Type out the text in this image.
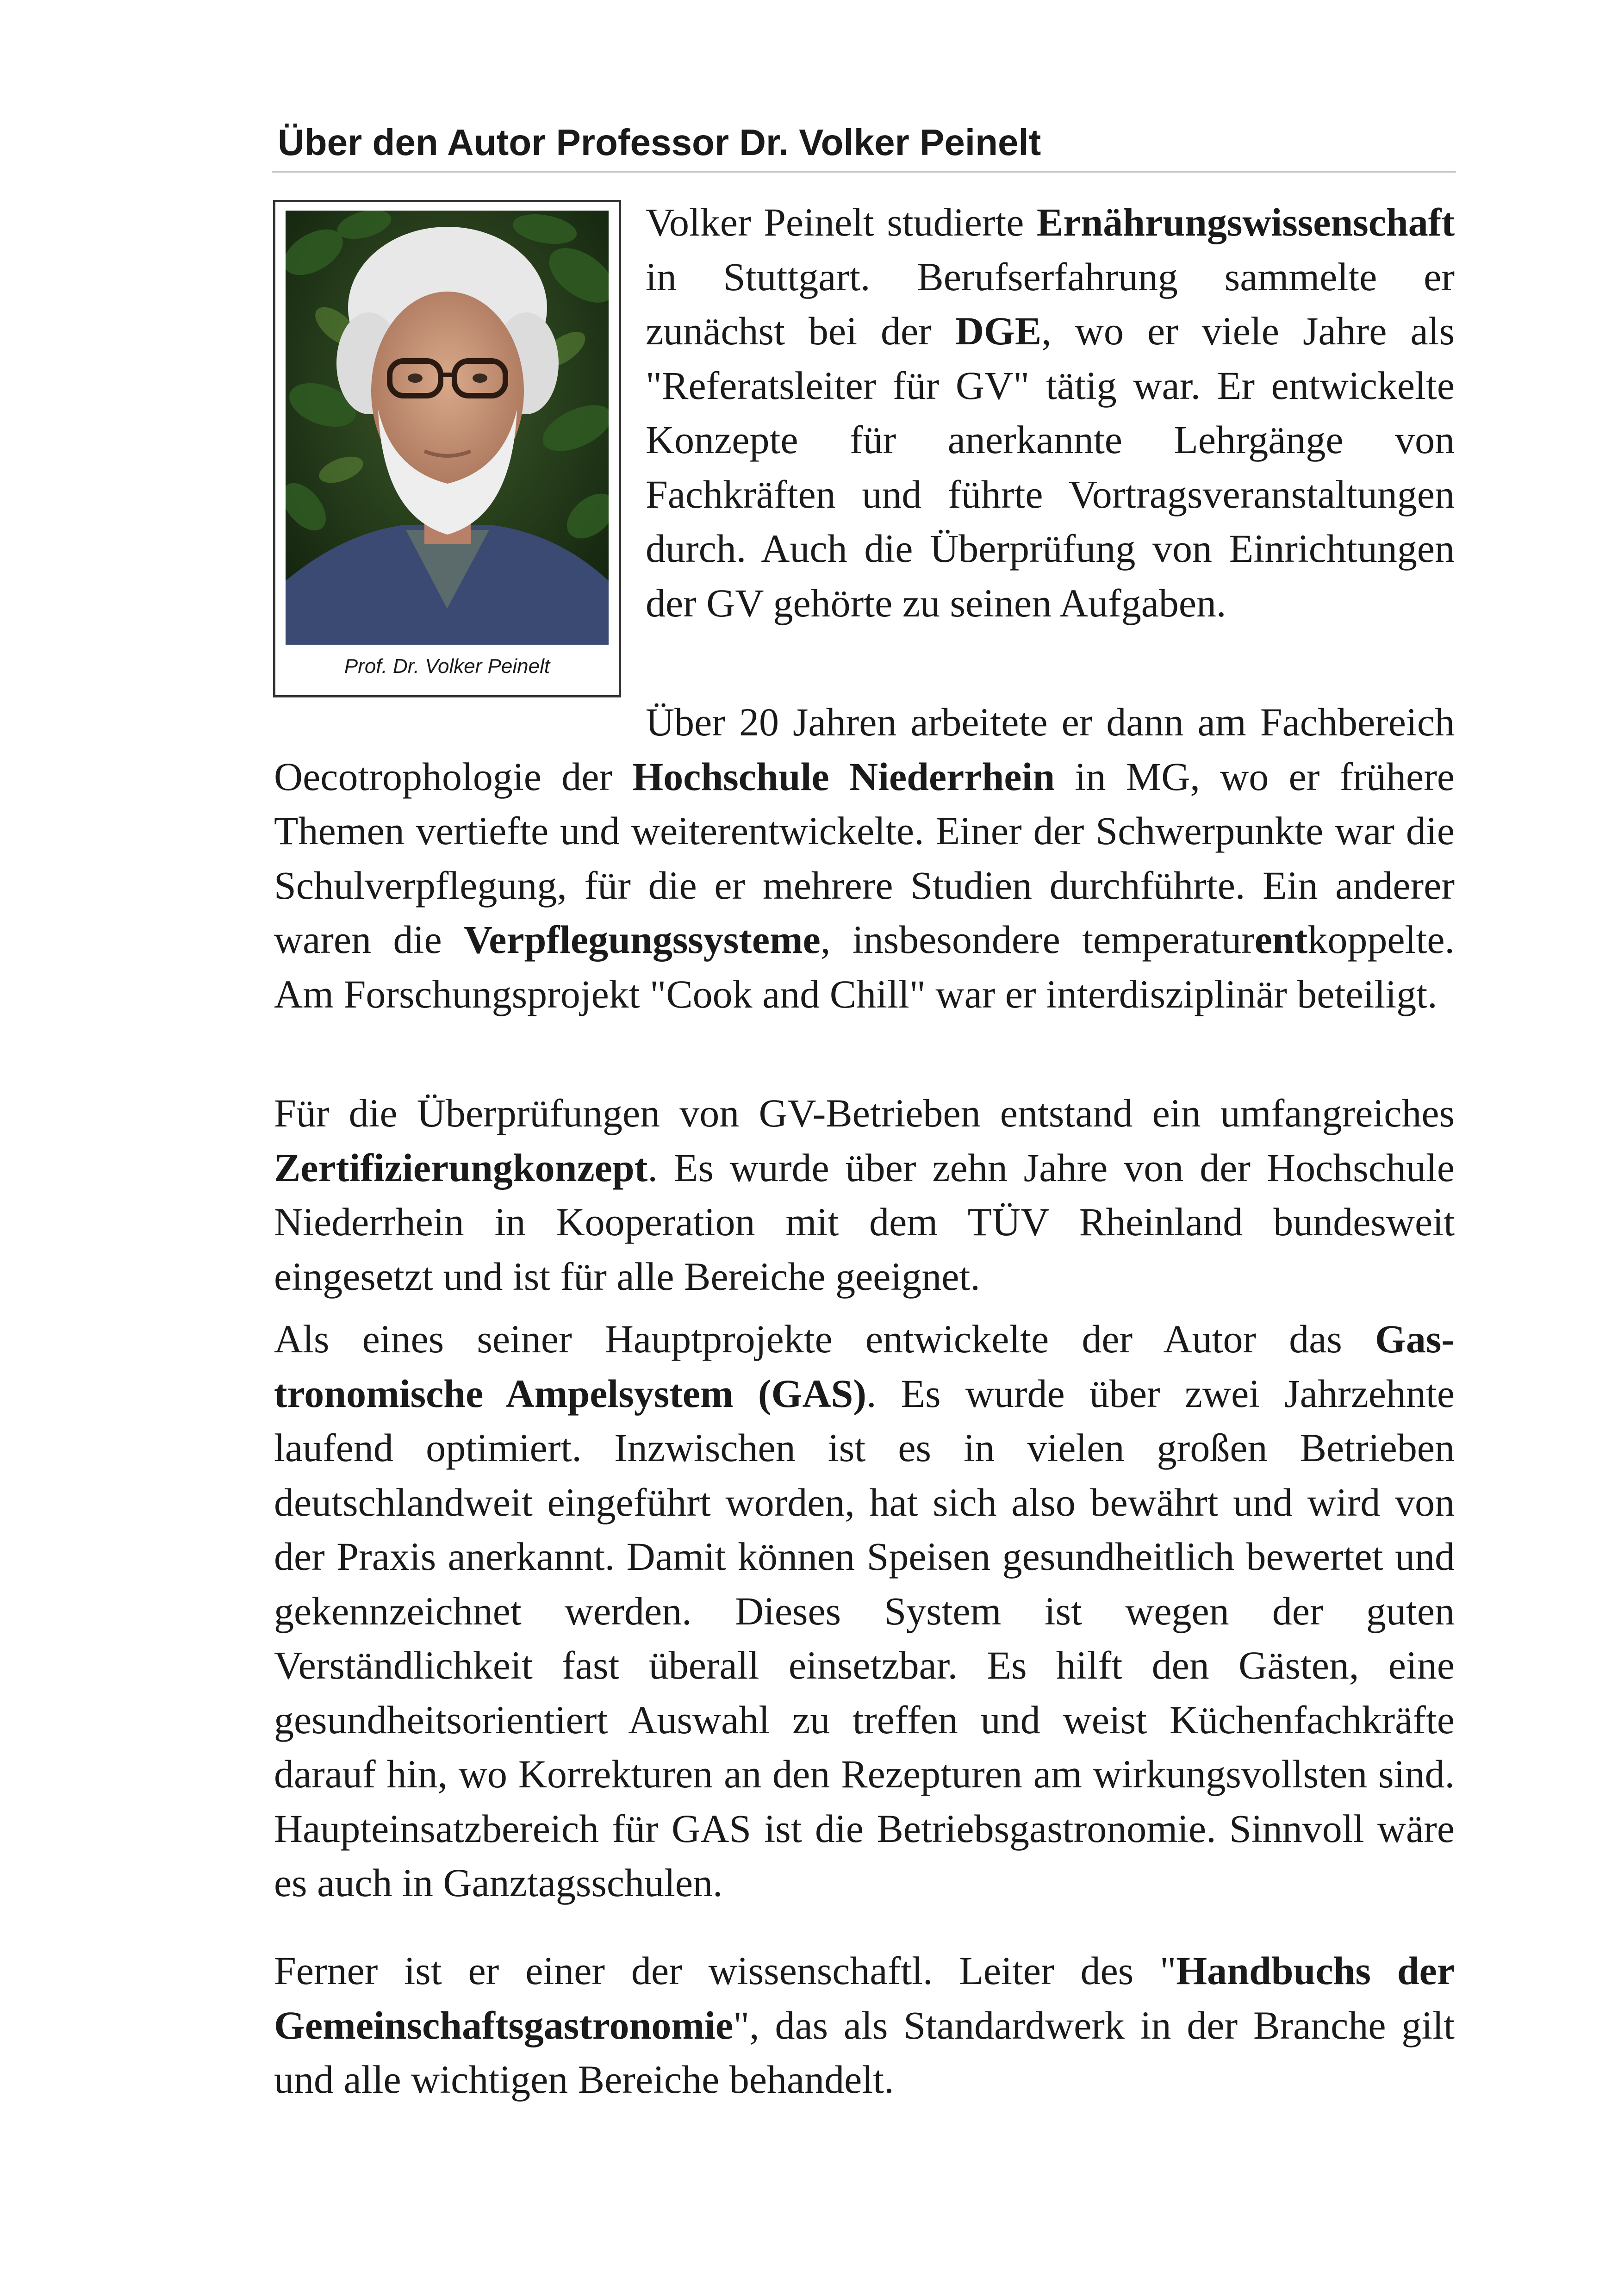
Über den Autor Professor Dr. Volker Peinelt

Prof. Dr. Volker Peinelt

Volker Peinelt studierte Ernährungswissenschaft in Stuttgart. Berufserfahrung sammelte er zunächst bei der DGE, wo er viele Jahre als "Referatsleiter für GV" tätig war. Er entwickelte Konzepte für anerkannte Lehrgänge von Fachkräften und führte Vortragsveranstaltungen durch. Auch die Überprüfung von Einrichtungen der GV gehörte zu seinen Aufgaben.

Über 20 Jahren arbeitete er dann am Fachbereich Oecotrophologie der Hochschule Niederrhein in MG, wo er frühere Themen vertiefte und weiterentwickelte. Einer der Schwerpunkte war die Schulverpflegung, für die er mehrere Studien durchführte. Ein anderer waren die Verpflegungssysteme, insbesondere temperaturentkoppelte. Am Forschungsprojekt "Cook and Chill" war er interdisziplinär beteiligt.

Für die Überprüfungen von GV-Betrieben entstand ein umfangreiches Zertifizierungkonzept. Es wurde über zehn Jahre von der Hochschule Niederrhein in Kooperation mit dem TÜV Rheinland bundesweit eingesetzt und ist für alle Bereiche geeignet.

Als eines seiner Hauptprojekte entwickelte der Autor das Gastronomische Ampelsystem (GAS). Es wurde über zwei Jahrzehnte laufend optimiert. Inzwischen ist es in vielen großen Betrieben deutschlandweit eingeführt worden, hat sich also bewährt und wird von der Praxis anerkannt. Damit können Speisen gesundheitlich bewertet und gekennzeichnet werden. Dieses System ist wegen der guten Verständlichkeit fast überall einsetzbar. Es hilft den Gästen, eine gesundheitsorientiert Auswahl zu treffen und weist Küchenfachkräfte darauf hin, wo Korrekturen an den Rezepturen am wirkungsvollsten sind. Haupteinsatzbereich für GAS ist die Betriebsgastronomie. Sinnvoll wäre es auch in Ganztagsschulen.

Ferner ist er einer der wissenschaftl. Leiter des "Handbuchs der Gemeinschaftsgastronomie", das als Standardwerk in der Branche gilt und alle wichtigen Bereiche behandelt.
